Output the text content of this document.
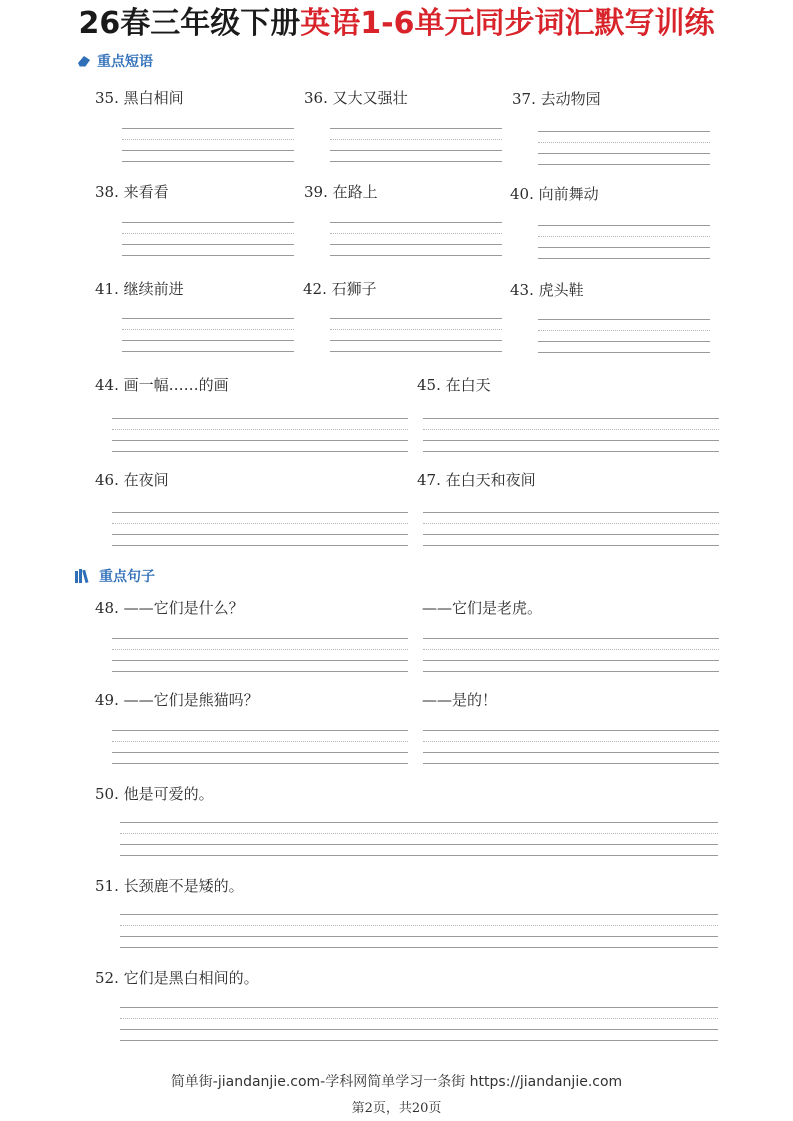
26春三年级下册英语1-6单元同步词汇默写训练
重点短语
35. 黑白相间	36. 又大又强壮	37. 去动物园
38. 来看看	39. 在路上	40. 向前舞动
41. 继续前进	42. 石狮子	43. 虎头鞋
44. 画一幅……的画	45. 在白天
46. 在夜间	47. 在白天和夜间
重点句子
48. ——它们是什么？	——它们是老虎。
49. ——它们是熊猫吗？	——是的！
50. 他是可爱的。
51. 长颈鹿不是矮的。
52. 它们是黑白相间的。
简单街-jiandanjie.com-学科网简单学习一条街 https://jiandanjie.com
第2页，共20页
